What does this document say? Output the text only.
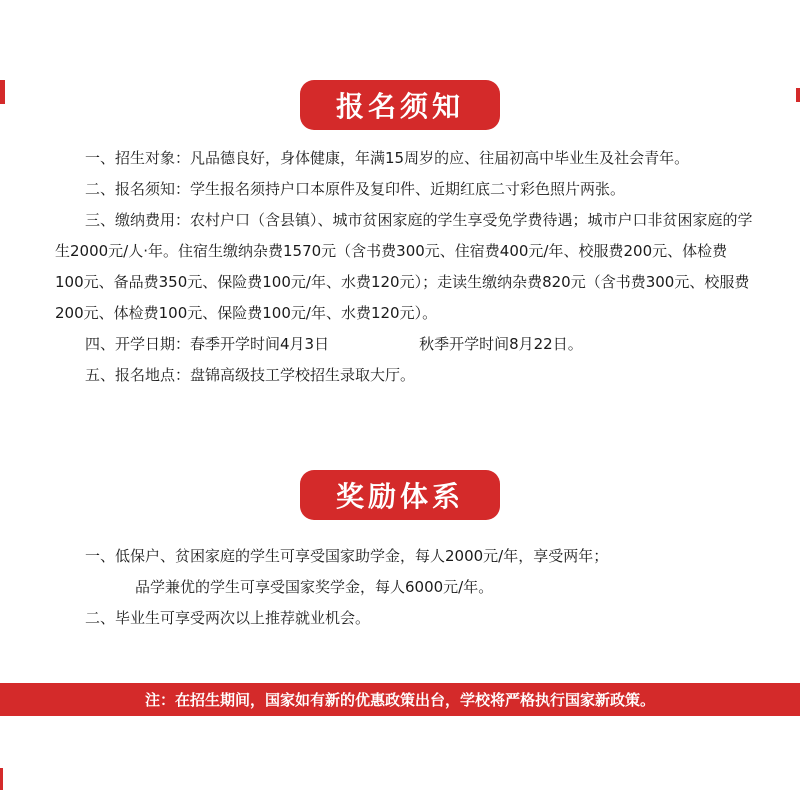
报名须知

一、招生对象：凡品德良好，身体健康，年满15周岁的应、往届初高中毕业生及社会青年。

二、报名须知：学生报名须持户口本原件及复印件、近期红底二寸彩色照片两张。

三、缴纳费用：农村户口（含县镇）、城市贫困家庭的学生享受免学费待遇；城市户口非贫困家庭的学生2000元/人·年。住宿生缴纳杂费1570元（含书费300元、住宿费400元/年、校服费200元、体检费100元、备品费350元、保险费100元/年、水费120元）；走读生缴纳杂费820元（含书费300元、校服费200元、体检费100元、保险费100元/年、水费120元）。

四、开学日期：春季开学时间4月3日	秋季开学时间8月22日。

五、报名地点：盘锦高级技工学校招生录取大厅。

奖励体系

一、低保户、贫困家庭的学生可享受国家助学金，每人2000元/年，享受两年；

品学兼优的学生可享受国家奖学金，每人6000元/年。

二、毕业生可享受两次以上推荐就业机会。

注：在招生期间，国家如有新的优惠政策出台，学校将严格执行国家新政策。
